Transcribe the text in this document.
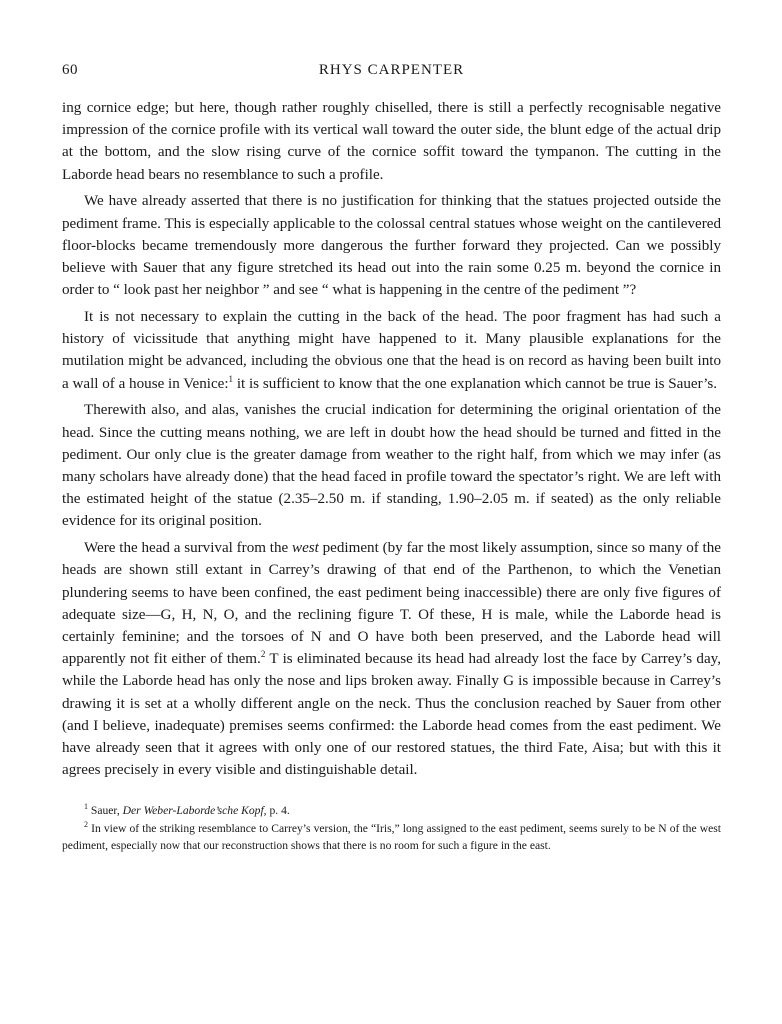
60	RHYS CARPENTER

ing cornice edge; but here, though rather roughly chiselled, there is still a perfectly recognisable negative impression of the cornice profile with its vertical wall toward the outer side, the blunt edge of the actual drip at the bottom, and the slow rising curve of the cornice soffit toward the tympanon. The cutting in the Laborde head bears no resemblance to such a profile.

We have already asserted that there is no justification for thinking that the statues projected outside the pediment frame. This is especially applicable to the colossal central statues whose weight on the cantilevered floor-blocks became tremendously more dangerous the further forward they projected. Can we possibly believe with Sauer that any figure stretched its head out into the rain some 0.25 m. beyond the cornice in order to “ look past her neighbor ” and see “ what is happening in the centre of the pediment ”?

It is not necessary to explain the cutting in the back of the head. The poor fragment has had such a history of vicissitude that anything might have happened to it. Many plausible explanations for the mutilation might be advanced, including the obvious one that the head is on record as having been built into a wall of a house in Venice:$^1$ it is sufficient to know that the one explanation which cannot be true is Sauer’s.

Therewith also, and alas, vanishes the crucial indication for determining the original orientation of the head. Since the cutting means nothing, we are left in doubt how the head should be turned and fitted in the pediment. Our only clue is the greater damage from weather to the right half, from which we may infer (as many scholars have already done) that the head faced in profile toward the spectator’s right. We are left with the estimated height of the statue (2.35–2.50 m. if standing, 1.90–2.05 m. if seated) as the only reliable evidence for its original position.

Were the head a survival from the west pediment (by far the most likely assumption, since so many of the heads are shown still extant in Carrey’s drawing of that end of the Parthenon, to which the Venetian plundering seems to have been confined, the east pediment being inaccessible) there are only five figures of adequate size—G, H, N, O, and the reclining figure T. Of these, H is male, while the Laborde head is certainly feminine; and the torsoes of N and O have both been preserved, and the Laborde head will apparently not fit either of them.$^2$ T is eliminated because its head had already lost the face by Carrey’s day, while the Laborde head has only the nose and lips broken away. Finally G is impossible because in Carrey’s drawing it is set at a wholly different angle on the neck. Thus the conclusion reached by Sauer from other (and I believe, inadequate) premises seems confirmed: the Laborde head comes from the east pediment. We have already seen that it agrees with only one of our restored statues, the third Fate, Aisa; but with this it agrees precisely in every visible and distinguishable detail.

$^1$ Sauer, Der Weber-Laborde’sche Kopf, p. 4.

$^2$ In view of the striking resemblance to Carrey’s version, the “Iris,” long assigned to the east pediment, seems surely to be N of the west pediment, especially now that our reconstruction shows that there is no room for such a figure in the east.
